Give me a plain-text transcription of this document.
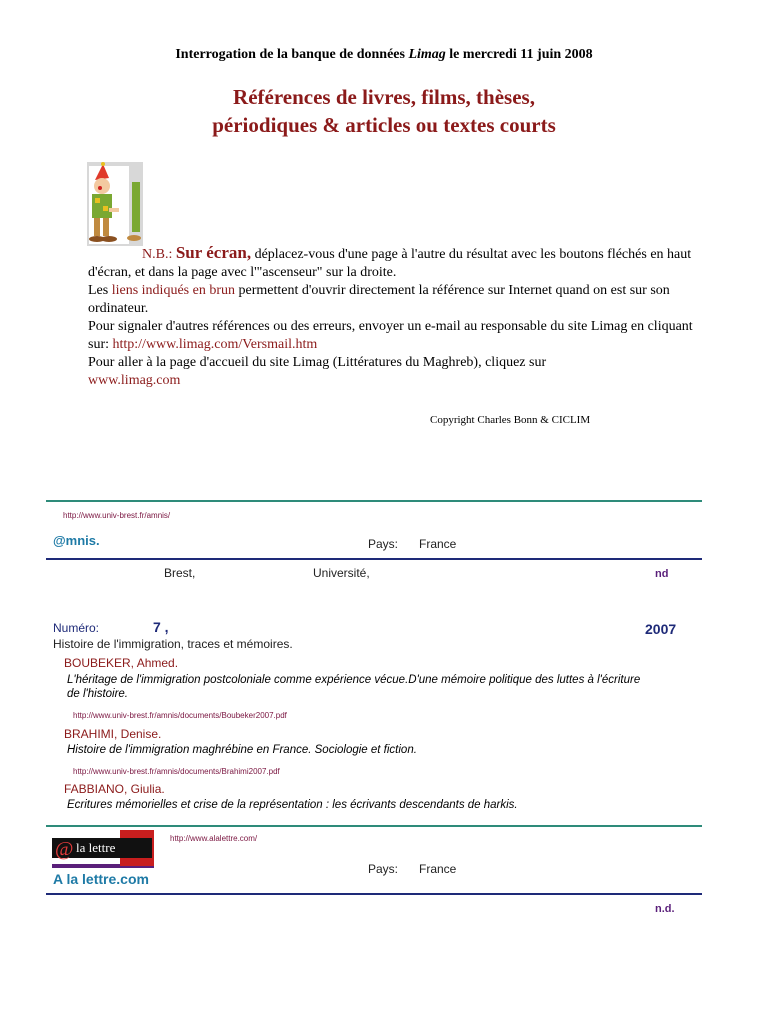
Interrogation de la banque de données Limag le mercredi 11 juin 2008
Références de livres, films, thèses,
périodiques & articles ou textes courts
N.B.: Sur écran, déplacez-vous d'une page à l'autre du résultat avec les boutons fléchés en haut d'écran, et dans la page avec l'"ascenseur" sur la droite.
Les liens indiqués en brun permettent d'ouvrir directement la référence sur Internet quand on est sur son ordinateur.
Pour signaler d'autres références ou des erreurs, envoyer un e-mail au responsable du site Limag en cliquant sur: http://www.limag.com/Versmail.htm
Pour aller à la page d'accueil du site Limag (Littératures du Maghreb), cliquez sur
www.limag.com
Copyright Charles Bonn & CICLIM
http://www.univ-brest.fr/amnis/
@mnis.	Pays: France
Brest,	Université,	nd
Numéro:	7 ,	2007
Histoire de l'immigration, traces et mémoires.
BOUBEKER, Ahmed.
L'héritage de l'immigration postcoloniale comme expérience vécue.D'une mémoire politique des luttes à l'écriture de l'histoire.
http://www.univ-brest.fr/amnis/documents/Boubeker2007.pdf
BRAHIMI, Denise.
Histoire de l'immigration maghrébine en France. Sociologie et fiction.
http://www.univ-brest.fr/amnis/documents/Brahimi2007.pdf
FABBIANO, Giulia.
Ecritures mémorielles et crise de la représentation : les écrivants descendants de harkis.
@ la lettre
http://www.alalettre.com/
A la lettre.com
Pays: France
n.d.
